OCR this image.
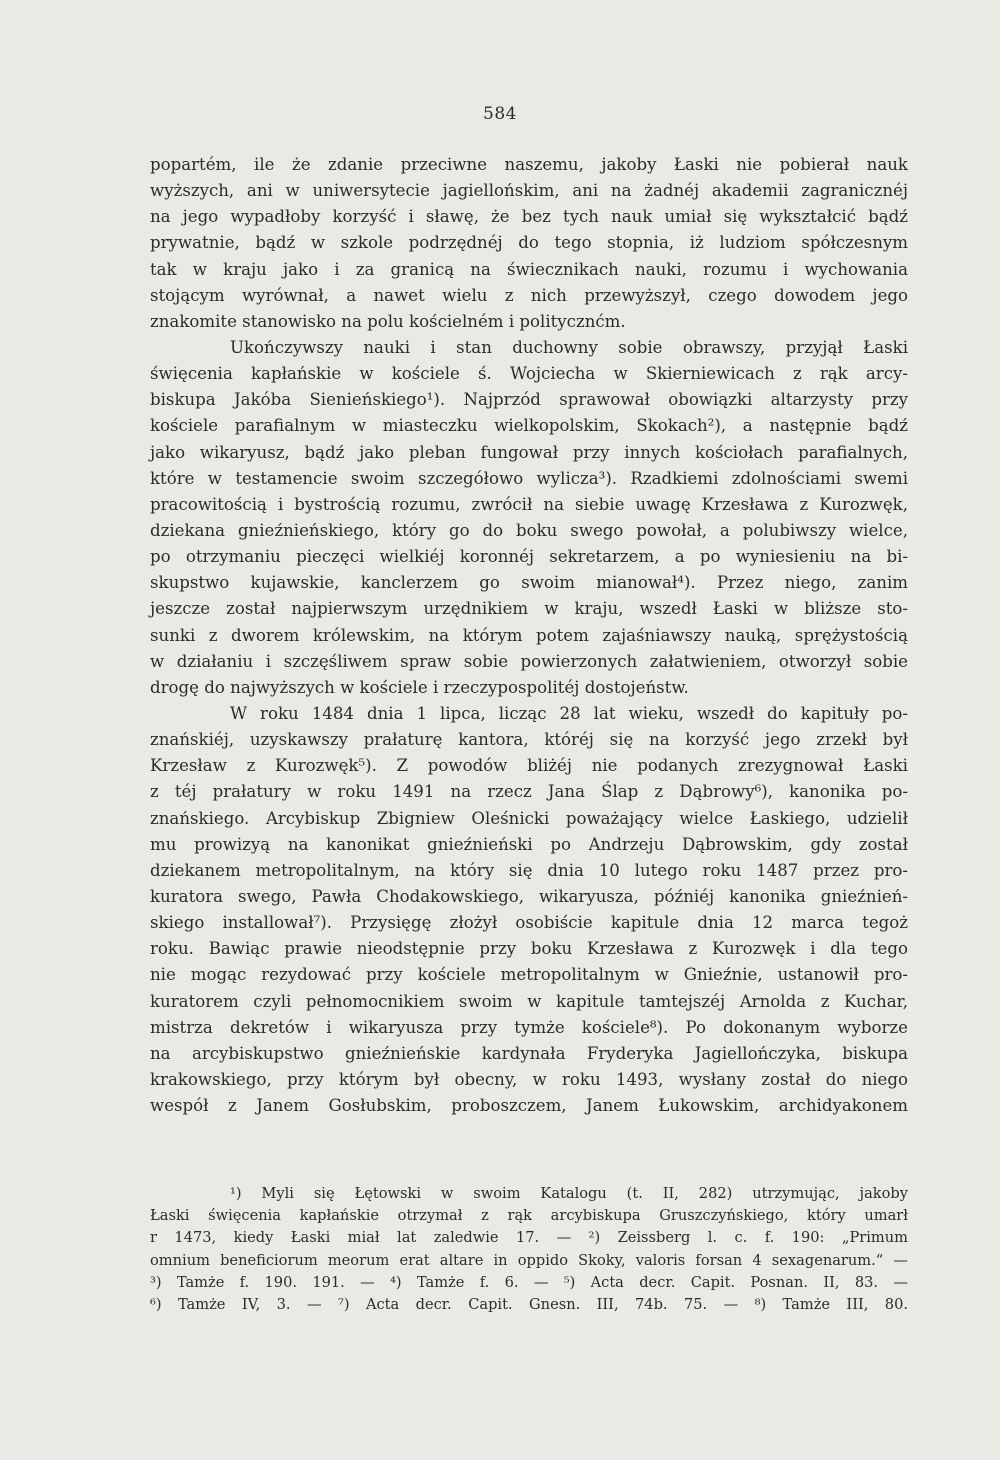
584
popartém, ile że zdanie przeciwne naszemu, jakoby Łaski nie pobierał nauk
wyższych, ani w uniwersytecie jagiellońskim, ani na żadnéj akademii zagranicznéj
na jego wypadłoby korzyść i sławę, że bez tych nauk umiał się wykształcić bądź
prywatnie, bądź w szkole podrzędnéj do tego stopnia, iż ludziom spółczesnym
tak w kraju jako i za granicą na świecznikach nauki, rozumu i wychowania
stojącym wyrównał, a nawet wielu z nich przewyższył, czego dowodem jego
znakomite stanowisko na polu kościelném i politycznćm.
Ukończywszy nauki i stan duchowny sobie obrawszy, przyjął Łaski
święcenia kapłańskie w kościele ś. Wojciecha w Skierniewicach z rąk arcy-
biskupa Jakóba Sienieńskiego¹). Najprzód sprawował obowiązki altarzysty przy
kościele parafialnym w miasteczku wielkopolskim, Skokach²), a następnie bądź
jako wikaryusz, bądź jako pleban fungował przy innych kościołach parafialnych,
które w testamencie swoim szczegółowo wylicza³). Rzadkiemi zdolnościami swemi
pracowitością i bystrością rozumu, zwrócił na siebie uwagę Krzesława z Kurozwęk,
dziekana gnieźnieńskiego, który go do boku swego powołał, a polubiwszy wielce,
po otrzymaniu pieczęci wielkiéj koronnéj sekretarzem, a po wyniesieniu na bi-
skupstwo kujawskie, kanclerzem go swoim mianował⁴). Przez niego, zanim
jeszcze został najpierwszym urzędnikiem w kraju, wszedł Łaski w bliższe sto-
sunki z dworem królewskim, na którym potem zajaśniawszy nauką, sprężystością
w działaniu i szczęśliwem spraw sobie powierzonych załatwieniem, otworzył sobie
drogę do najwyższych w kościele i rzeczypospolitéj dostojeństw.
W roku 1484 dnia 1 lipca, licząc 28 lat wieku, wszedł do kapituły po-
znańskiéj, uzyskawszy prałaturę kantora, któréj się na korzyść jego zrzekł był
Krzesław z Kurozwęk⁵). Z powodów bliżéj nie podanych zrezygnował Łaski
z téj prałatury w roku 1491 na rzecz Jana Ślap z Dąbrowy⁶), kanonika po-
znańskiego. Arcybiskup Zbigniew Oleśnicki poważający wielce Łaskiego, udzielił
mu prowizyą na kanonikat gnieźnieński po Andrzeju Dąbrowskim, gdy został
dziekanem metropolitalnym, na który się dnia 10 lutego roku 1487 przez pro-
kuratora swego, Pawła Chodakowskiego, wikaryusza, późniéj kanonika gnieźnień-
skiego installował⁷). Przysięgę złożył osobiście kapitule dnia 12 marca tegoż
roku. Bawiąc prawie nieodstępnie przy boku Krzesława z Kurozwęk i dla tego
nie mogąc rezydować przy kościele metropolitalnym w Gnieźnie, ustanowił pro-
kuratorem czyli pełnomocnikiem swoim w kapitule tamtejszéj Arnolda z Kuchar,
mistrza dekretów i wikaryusza przy tymże kościele⁸). Po dokonanym wyborze
na arcybiskupstwo gnieźnieńskie kardynała Fryderyka Jagiellończyka, biskupa
krakowskiego, przy którym był obecny, w roku 1493, wysłany został do niego
wespół z Janem Gosłubskim, proboszczem, Janem Łukowskim, archidyakonem
¹) Myli się Łętowski w swoim Katalogu (t. II, 282) utrzymując, jakoby
Łaski święcenia kapłańskie otrzymał z rąk arcybiskupa Gruszczyńskiego, który umarł
r 1473, kiedy Łaski miał lat zaledwie 17. — ²) Zeissberg l. c. f. 190: „Primum
omnium beneficiorum meorum erat altare in oppido Skoky, valoris forsan 4 sexagenarum.“ —
³) Tamże f. 190. 191. — ⁴) Tamże f. 6. — ⁵) Acta decr. Capit. Posnan. II, 83. —
⁶) Tamże IV, 3. — ⁷) Acta decr. Capit. Gnesn. III, 74b. 75. — ⁸) Tamże III, 80.
